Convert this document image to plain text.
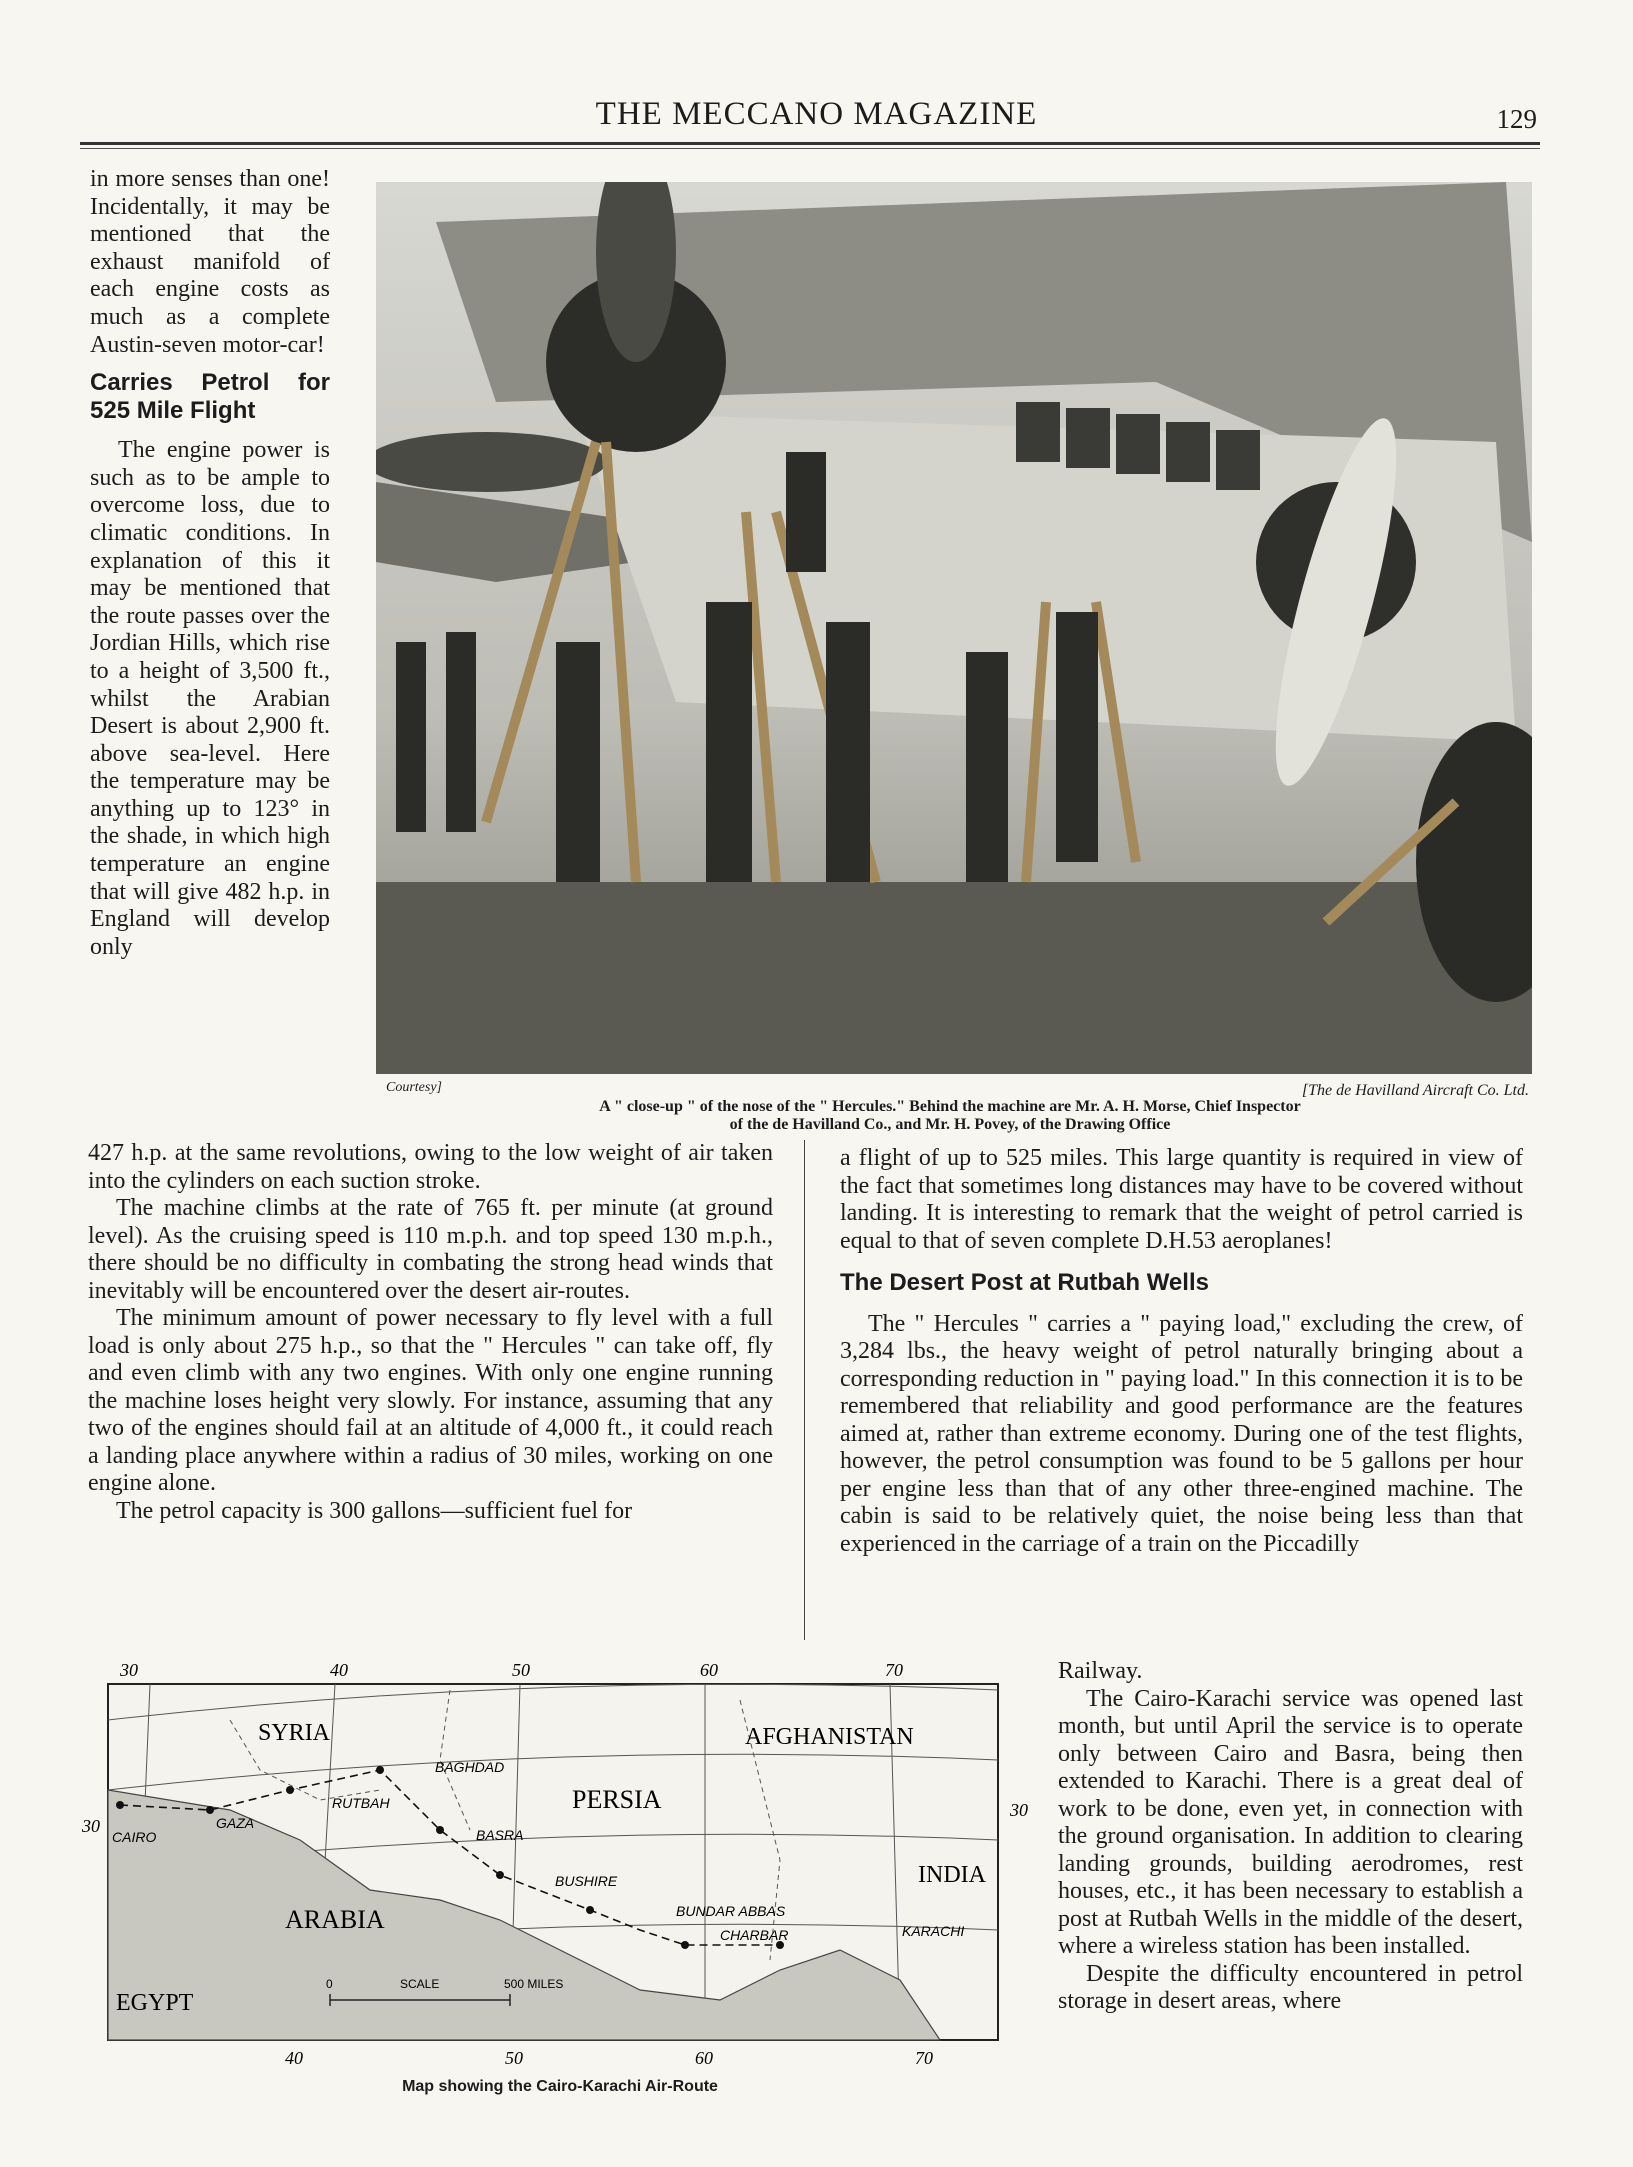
THE MECCANO MAGAZINE	129

in more senses than one! Incidentally, it may be mentioned that the exhaust manifold of each engine costs as much as a complete Austin-seven motor-car!

Carries Petrol for 525 Mile Flight

The engine power is such as to be ample to overcome loss, due to climatic conditions. In explanation of this it may be mentioned that the route passes over the Jordian Hills, which rise to a height of 3,500 ft., whilst the Arabian Desert is about 2,900 ft. above sea-level. Here the temperature may be anything up to 123° in the shade, in which high temperature an engine that will give 482 h.p. in England will develop only

Courtesy]	[The de Havilland Aircraft Co. Ltd.
A " close-up " of the nose of the " Hercules." Behind the machine are Mr. A. H. Morse, Chief Inspector
of the de Havilland Co., and Mr. H. Povey, of the Drawing Office

427 h.p. at the same revolutions, owing to the low weight of air taken into the cylinders on each suction stroke.

The machine climbs at the rate of 765 ft. per minute (at ground level). As the cruising speed is 110 m.p.h. and top speed 130 m.p.h., there should be no difficulty in combating the strong head winds that inevitably will be encountered over the desert air-routes.

The minimum amount of power necessary to fly level with a full load is only about 275 h.p., so that the " Hercules " can take off, fly and even climb with any two engines. With only one engine running the machine loses height very slowly. For instance, assuming that any two of the engines should fail at an altitude of 4,000 ft., it could reach a landing place anywhere within a radius of 30 miles, working on one engine alone.

The petrol capacity is 300 gallons—sufficient fuel for

a flight of up to 525 miles. This large quantity is required in view of the fact that sometimes long distances may have to be covered without landing. It is interesting to remark that the weight of petrol carried is equal to that of seven complete D.H.53 aeroplanes!

The Desert Post at Rutbah Wells

The " Hercules " carries a " paying load," excluding the crew, of 3,284 lbs., the heavy weight of petrol naturally bringing about a corresponding reduction in " paying load." In this connection it is to be remembered that reliability and good performance are the features aimed at, rather than extreme economy. During one of the test flights, however, the petrol consumption was found to be 5 gallons per hour per engine less than that of any other three-engined machine. The cabin is said to be relatively quiet, the noise being less than that experienced in the carriage of a train on the Piccadilly

30	40	50	60	70
40	50	60	70
30
30
SYRIA
PERSIA
AFGHANISTAN
INDIA
ARABIA
EGYPT
CAIRO
GAZA
RUTBAH
BAGHDAD
BASRA
BUSHIRE
BUNDAR ABBAS
CHARBAR	KARACHI
0	SCALE	500 MILES
Map showing the Cairo-Karachi Air-Route

Railway.

The Cairo-Karachi service was opened last month, but until April the service is to operate only between Cairo and Basra, being then extended to Karachi. There is a great deal of work to be done, even yet, in connection with the ground organisation. In addition to clearing landing grounds, building aerodromes, rest houses, etc., it has been necessary to establish a post at Rutbah Wells in the middle of the desert, where a wireless station has been installed.

Despite the difficulty encountered in petrol storage in desert areas, where
